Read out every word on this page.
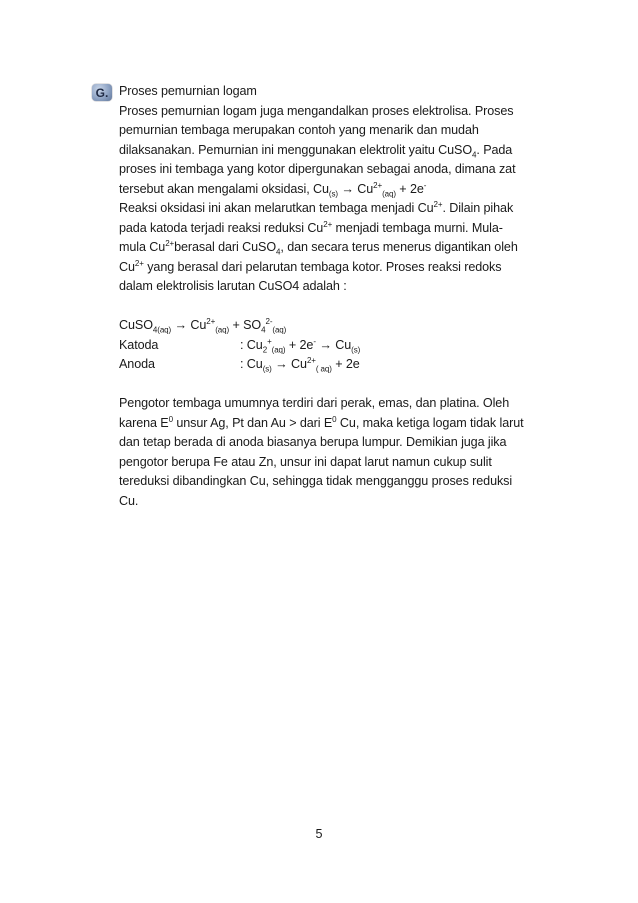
G. Proses pemurnian logam
Proses pemurnian logam juga mengandalkan proses elektrolisa. Proses
pemurnian tembaga merupakan contoh yang menarik dan mudah
dilaksanakan. Pemurnian ini menggunakan elektrolit yaitu CuSO$_4$. Pada
proses ini tembaga yang kotor dipergunakan sebagai anoda, dimana zat
tersebut akan mengalami oksidasi, $Cu_{(s)} \to Cu^{2+}_{(aq)} + 2e^-$
Reaksi oksidasi ini akan melarutkan tembaga menjadi $Cu^{2+}$. Dilain pihak
pada katoda terjadi reaksi reduksi $Cu^{2+}$ menjadi tembaga murni. Mula-
mula $Cu^{2+}berasal$ dari CuSO$_4$, dan secara terus menerus digantikan oleh
$Cu^{2+}$ yang berasal dari pelarutan tembaga kotor. Proses reaksi redoks
dalam elektrolisis larutan CuSO4 adalah :
CuSO$_{4(aq)}$ → $Cu^{2+}_{(aq)} + SO_4^{2-}_{(aq)}$
Katoda	: $Cu_2^+_{(aq)} + 2e^- \to Cu_{(s)}$
Anoda	: $Cu_{(s)} \to Cu^{2+}_{( aq)} + 2e$
Pengotor tembaga umumnya terdiri dari perak, emas, dan platina. Oleh
karena $E^0$ unsur Ag, Pt dan Au > dari $E^0$ Cu, maka ketiga logam tidak larut
dan tetap berada di anoda biasanya berupa lumpur. Demikian juga jika
pengotor berupa Fe atau Zn, unsur ini dapat larut namun cukup sulit
tereduksi dibandingkan Cu, sehingga tidak mengganggu proses reduksi
Cu.
5
